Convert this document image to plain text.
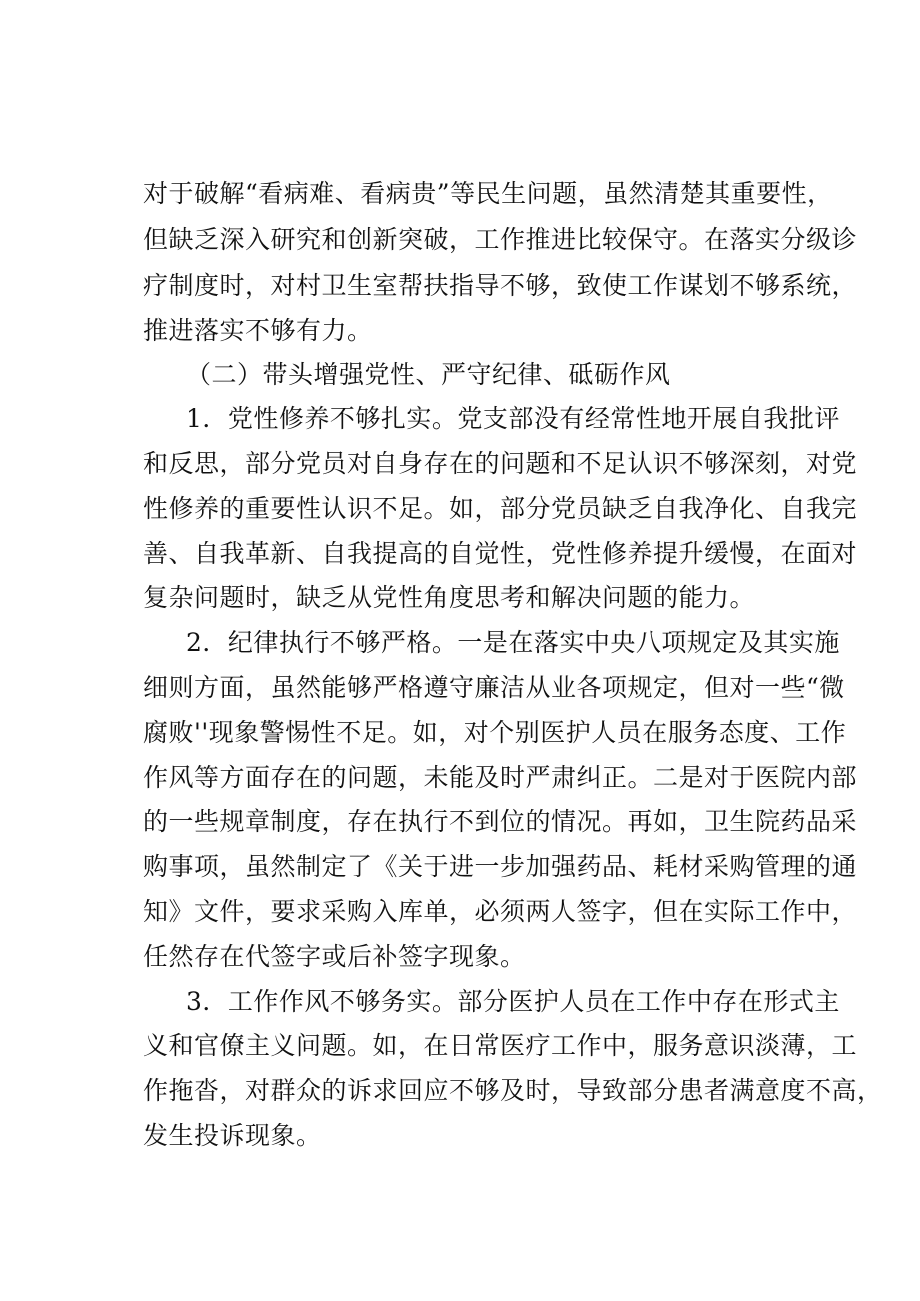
对于破解“看病难、看病贵”等民生问题，虽然清楚其重要性，
但缺乏深入研究和创新突破，工作推进比较保守。在落实分级诊
疗制度时，对村卫生室帮扶指导不够，致使工作谋划不够系统，
推进落实不够有力。
（二）带头增强党性、严守纪律、砥砺作风
1．党性修养不够扎实。党支部没有经常性地开展自我批评
和反思，部分党员对自身存在的问题和不足认识不够深刻，对党
性修养的重要性认识不足。如，部分党员缺乏自我净化、自我完
善、自我革新、自我提高的自觉性，党性修养提升缓慢，在面对
复杂问题时，缺乏从党性角度思考和解决问题的能力。
2．纪律执行不够严格。一是在落实中央八项规定及其实施
细则方面，虽然能够严格遵守廉洁从业各项规定，但对一些“微
腐败''现象警惕性不足。如，对个别医护人员在服务态度、工作
作风等方面存在的问题，未能及时严肃纠正。二是对于医院内部
的一些规章制度，存在执行不到位的情况。再如，卫生院药品采
购事项，虽然制定了《关于进一步加强药品、耗材采购管理的通
知》文件，要求采购入库单，必须两人签字，但在实际工作中，
任然存在代签字或后补签字现象。
3．工作作风不够务实。部分医护人员在工作中存在形式主
义和官僚主义问题。如，在日常医疗工作中，服务意识淡薄，工
作拖沓，对群众的诉求回应不够及时，导致部分患者满意度不高，
发生投诉现象。
